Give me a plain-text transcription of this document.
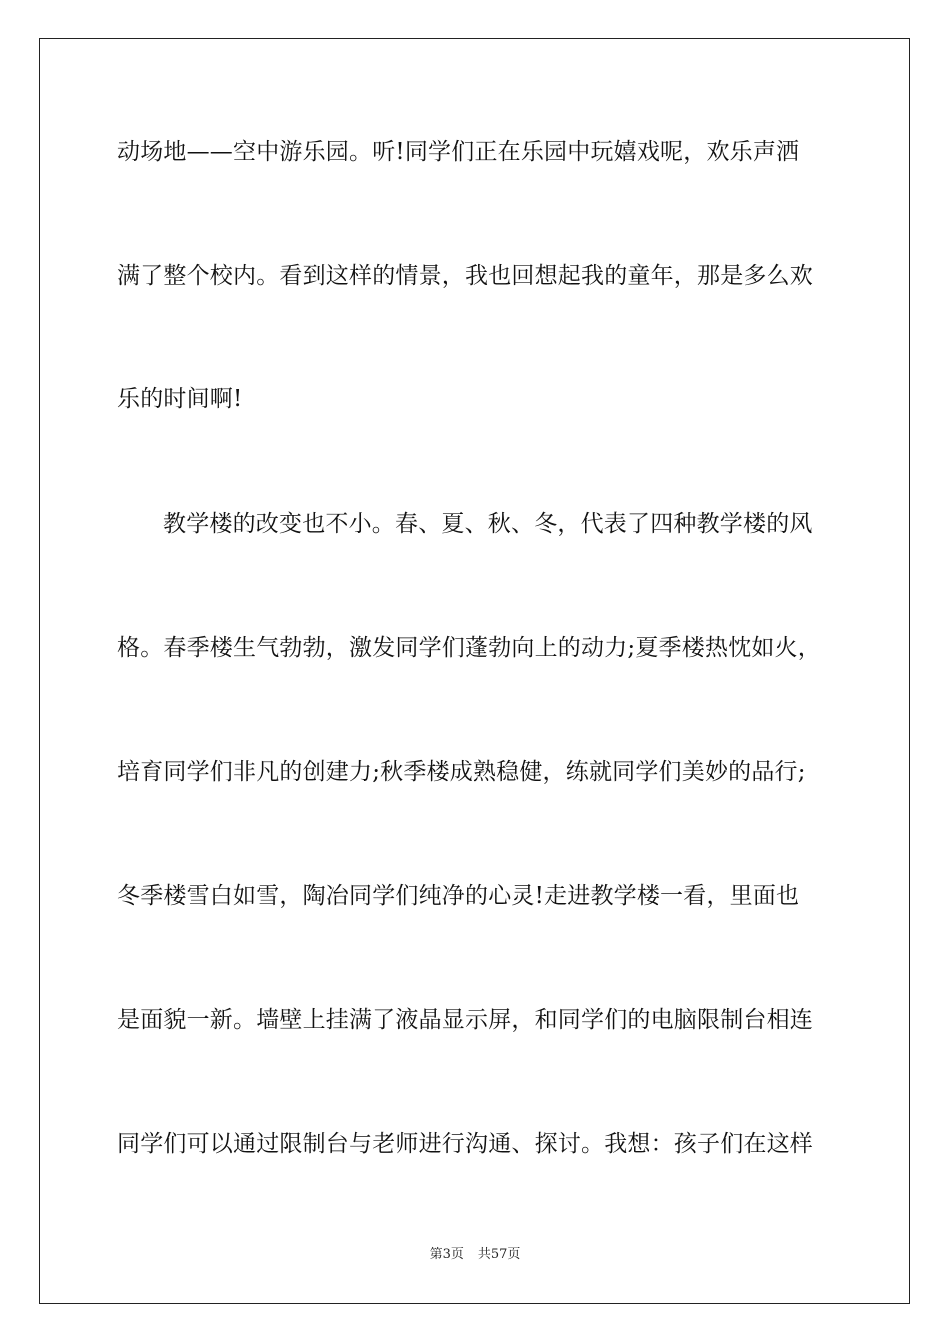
动场地——空中游乐园。听!同学们正在乐园中玩嬉戏呢，欢乐声洒
满了整个校内。看到这样的情景，我也回想起我的童年，那是多么欢
乐的时间啊!
教学楼的改变也不小。春、夏、秋、冬，代表了四种教学楼的风
格。春季楼生气勃勃，激发同学们蓬勃向上的动力;夏季楼热忱如火，
培育同学们非凡的创建力;秋季楼成熟稳健，练就同学们美妙的品行;
冬季楼雪白如雪，陶冶同学们纯净的心灵!走进教学楼一看，里面也
是面貌一新。墙壁上挂满了液晶显示屏，和同学们的电脑限制台相连
同学们可以通过限制台与老师进行沟通、探讨。我想：孩子们在这样
第3页 共57页
